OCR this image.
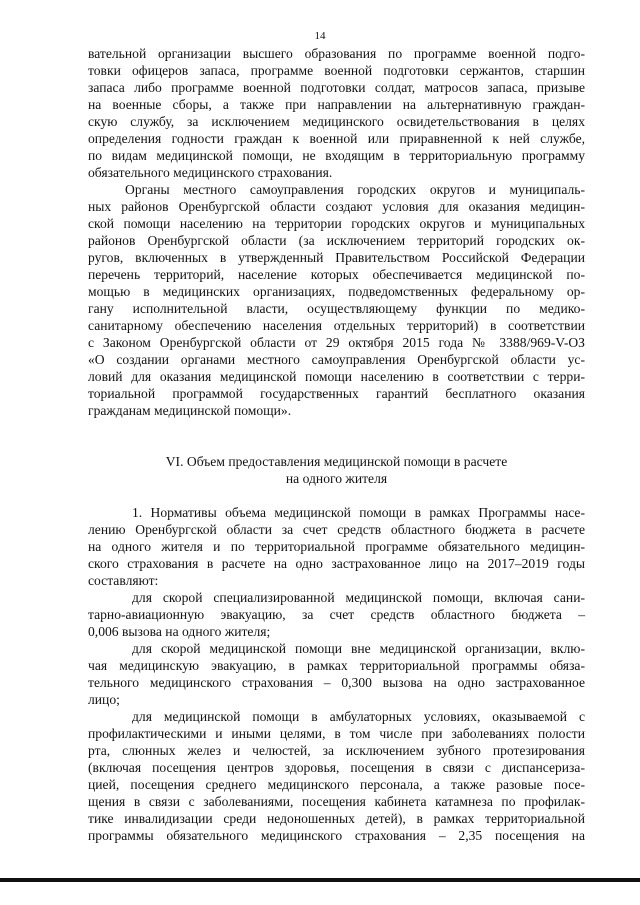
14
вательной организации высшего образования по программе военной подго-
товки офицеров запаса, программе военной подготовки сержантов, старшин
запаса либо программе военной подготовки солдат, матросов запаса, призыве
на военные сборы, а также при направлении на альтернативную граждан-
скую службу, за исключением медицинского освидетельствования в целях
определения годности граждан к военной или приравненной к ней службе,
по видам медицинской помощи, не входящим в территориальную программу
обязательного медицинского страхования.
Органы местного самоуправления городских округов и муниципаль-
ных районов Оренбургской области создают условия для оказания медицин-
ской помощи населению на территории городских округов и муниципальных
районов Оренбургской области (за исключением территорий городских ок-
ругов, включенных в утвержденный Правительством Российской Федерации
перечень территорий, население которых обеспечивается медицинской по-
мощью в медицинских организациях, подведомственных федеральному ор-
гану исполнительной власти, осуществляющему функции по медико-
санитарному обеспечению населения отдельных территорий) в соответствии
с Законом Оренбургской области от 29 октября 2015 года № 3388/969-V-ОЗ
«О создании органами местного самоуправления Оренбургской области ус-
ловий для оказания медицинской помощи населению в соответствии с терри-
ториальной программой государственных гарантий бесплатного оказания
гражданам медицинской помощи».
VI. Объем предоставления медицинской помощи в расчете
на одного жителя
1. Нормативы объема медицинской помощи в рамках Программы насе-
лению Оренбургской области за счет средств областного бюджета в расчете
на одного жителя и по территориальной программе обязательного медицин-
ского страхования в расчете на одно застрахованное лицо на 2017–2019 годы
составляют:
для скорой специализированной медицинской помощи, включая сани-
тарно-авиационную эвакуацию, за счет средств областного бюджета –
0,006 вызова на одного жителя;
для скорой медицинской помощи вне медицинской организации, вклю-
чая медицинскую эвакуацию, в рамках территориальной программы обяза-
тельного медицинского страхования – 0,300 вызова на одно застрахованное
лицо;
для медицинской помощи в амбулаторных условиях, оказываемой с
профилактическими и иными целями, в том числе при заболеваниях полости
рта, слюнных желез и челюстей, за исключением зубного протезирования
(включая посещения центров здоровья, посещения в связи с диспансериза-
цией, посещения среднего медицинского персонала, а также разовые посе-
щения в связи с заболеваниями, посещения кабинета катамнеза по профилак-
тике инвалидизации среди недоношенных детей), в рамках территориальной
программы обязательного медицинского страхования – 2,35 посещения на
